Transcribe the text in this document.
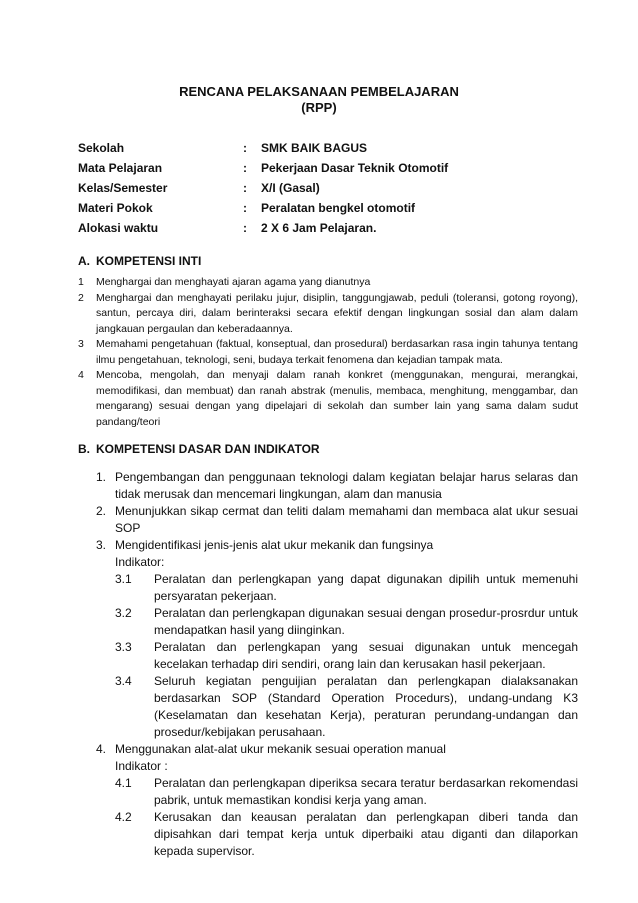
RENCANA PELAKSANAAN PEMBELAJARAN
(RPP)
Sekolah	: SMK BAIK BAGUS
Mata Pelajaran	: Pekerjaan Dasar Teknik Otomotif
Kelas/Semester	: X/I (Gasal)
Materi Pokok	: Peralatan bengkel otomotif
Alokasi waktu	: 2 X 6 Jam Pelajaran.
A. KOMPETENSI INTI
1 Menghargai dan menghayati ajaran agama yang dianutnya
2 Menghargai dan menghayati perilaku jujur, disiplin, tanggungjawab, peduli (toleransi, gotong royong), santun, percaya diri, dalam berinteraksi secara efektif dengan lingkungan sosial dan alam dalam jangkauan pergaulan dan keberadaannya.
3 Memahami pengetahuan (faktual, konseptual, dan prosedural) berdasarkan rasa ingin tahunya tentang ilmu pengetahuan, teknologi, seni, budaya terkait fenomena dan kejadian tampak mata.
4 Mencoba, mengolah, dan menyaji dalam ranah konkret (menggunakan, mengurai, merangkai, memodifikasi, dan membuat) dan ranah abstrak (menulis, membaca, menghitung, menggambar, dan mengarang) sesuai dengan yang dipelajari di sekolah dan sumber lain yang sama dalam sudut pandang/teori
B. KOMPETENSI DASAR DAN INDIKATOR
1. Pengembangan dan penggunaan teknologi dalam kegiatan belajar harus selaras dan tidak merusak dan mencemari lingkungan, alam dan manusia
2. Menunjukkan sikap cermat dan teliti dalam memahami dan membaca alat ukur sesuai SOP
3. Mengidentifikasi jenis-jenis alat ukur mekanik dan fungsinya
Indikator:
3.1 Peralatan dan perlengkapan yang dapat digunakan dipilih untuk memenuhi persyaratan pekerjaan.
3.2 Peralatan dan perlengkapan digunakan sesuai dengan prosedur-prosrdur untuk mendapatkan hasil yang diinginkan.
3.3 Peralatan dan perlengkapan yang sesuai digunakan untuk mencegah kecelakan terhadap diri sendiri, orang lain dan kerusakan hasil pekerjaan.
3.4 Seluruh kegiatan penguijian peralatan dan perlengkapan dialaksanakan berdasarkan SOP (Standard Operation Procedurs), undang-undang K3 (Keselamatan dan kesehatan Kerja), peraturan perundang-undangan dan prosedur/kebijakan perusahaan.
4. Menggunakan alat-alat ukur mekanik sesuai operation manual
Indikator :
4.1 Peralatan dan perlengkapan diperiksa secara teratur berdasarkan rekomendasi pabrik, untuk memastikan kondisi kerja yang aman.
4.2 Kerusakan dan keausan peralatan dan perlengkapan diberi tanda dan dipisahkan dari tempat kerja untuk diperbaiki atau diganti dan dilaporkan kepada supervisor.
